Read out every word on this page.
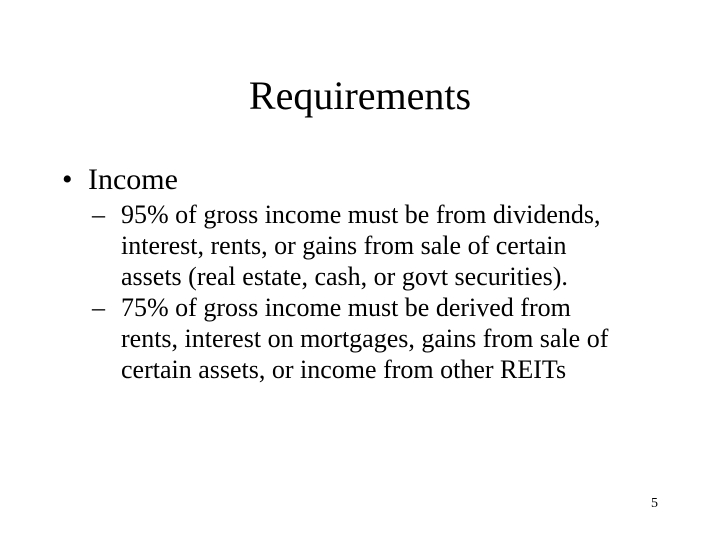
Requirements
• Income
– 95% of gross income must be from dividends,
interest, rents, or gains from sale of certain
assets (real estate, cash, or govt securities).
– 75% of gross income must be derived from
rents, interest on mortgages, gains from sale of
certain assets, or income from other REITs
5
